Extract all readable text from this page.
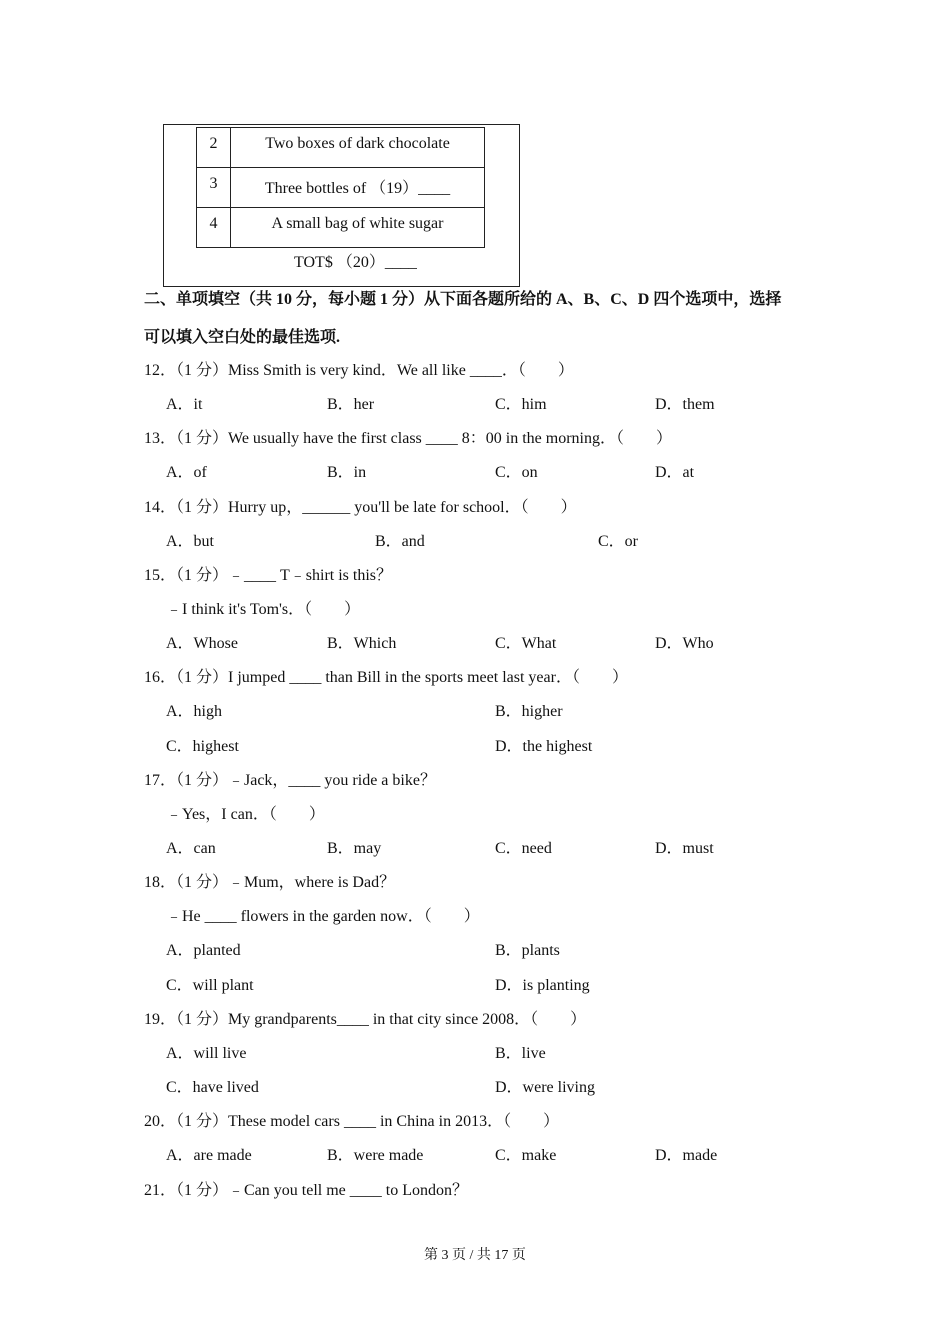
2	Two boxes of dark chocolate
3	Three bottles of （19）____
4	A small bag of white sugar
TOT$ （20）____
二、单项填空（共 10 分，每小题 1 分）从下面各题所给的 A、B、C、D 四个选项中，选择
可以填入空白处的最佳选项.
12．（1 分）Miss Smith is very kind．We all like ____．（　　）
A．it	B．her	C．him	D．them
13．（1 分）We usually have the first class ____ 8：00 in the morning．（　　）
A．of	B．in	C．on	D．at
14．（1 分）Hurry up，______ you'll be late for school．（　　）
A．but	B．and	C．or
15．（1 分）﹣____ T﹣shirt is this？
﹣I think it's Tom's．（　　）
A．Whose	B．Which	C．What	D．Who
16．（1 分）I jumped ____ than Bill in the sports meet last year．（　　）
A．high	B．higher
C．highest	D．the highest
17．（1 分）﹣Jack，____ you ride a bike？
﹣Yes，I can．（　　）
A．can	B．may	C．need	D．must
18．（1 分）﹣Mum，where is Dad？
﹣He ____ flowers in the garden now．（　　）
A．planted	B．plants
C．will plant	D．is planting
19．（1 分）My grandparents____ in that city since 2008．（　　）
A．will live	B．live
C．have lived	D．were living
20．（1 分）These model cars ____ in China in 2013．（　　）
A．are made	B．were made	C．make	D．made
21．（1 分）﹣Can you tell me ____ to London？
第 3 页 / 共 17 页
